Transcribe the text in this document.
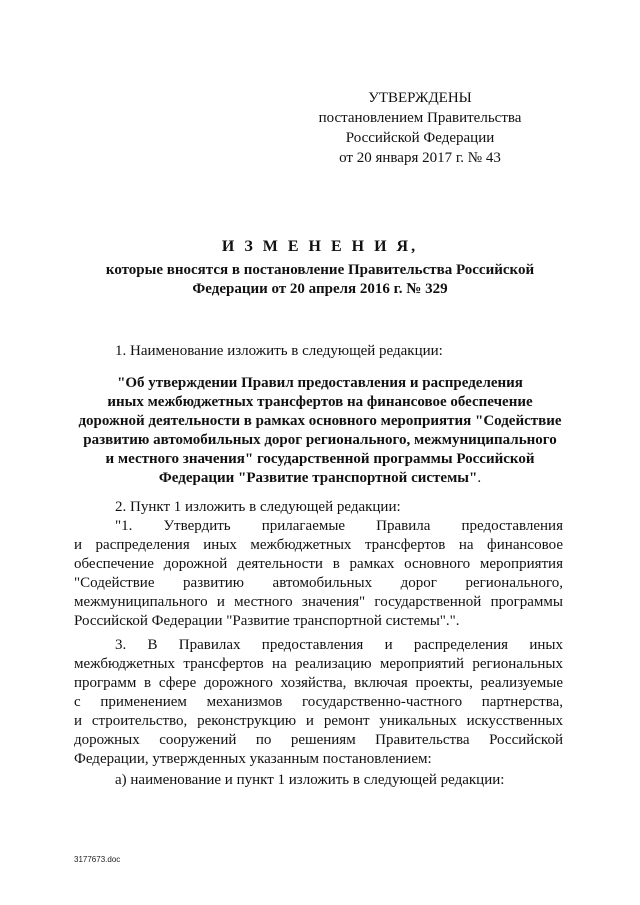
УТВЕРЖДЕНЫ
постановлением Правительства
Российской Федерации
от 20 января 2017 г. № 43
И З М Е Н Е Н И Я,
которые вносятся в постановление Правительства Российской
Федерации от 20 апреля 2016 г. № 329
1. Наименование изложить в следующей редакции:
"Об утверждении Правил предоставления и распределения
иных межбюджетных трансфертов на финансовое обеспечение
дорожной деятельности в рамках основного мероприятия "Содействие
развитию автомобильных дорог регионального, межмуниципального
и местного значения" государственной программы Российской
Федерации "Развитие транспортной системы".
2. Пункт 1 изложить в следующей редакции:
"1. Утвердить прилагаемые Правила предоставления
и распределения иных межбюджетных трансфертов на финансовое
обеспечение дорожной деятельности в рамках основного мероприятия
"Содействие развитию автомобильных дорог регионального,
межмуниципального и местного значения" государственной программы
Российской Федерации "Развитие транспортной системы".".
3. В Правилах предоставления и распределения иных
межбюджетных трансфертов на реализацию мероприятий региональных
программ в сфере дорожного хозяйства, включая проекты, реализуемые
с применением механизмов государственно-частного партнерства,
и строительство, реконструкцию и ремонт уникальных искусственных
дорожных сооружений по решениям Правительства Российской
Федерации, утвержденных указанным постановлением:
а) наименование и пункт 1 изложить в следующей редакции:
3177673.doc
